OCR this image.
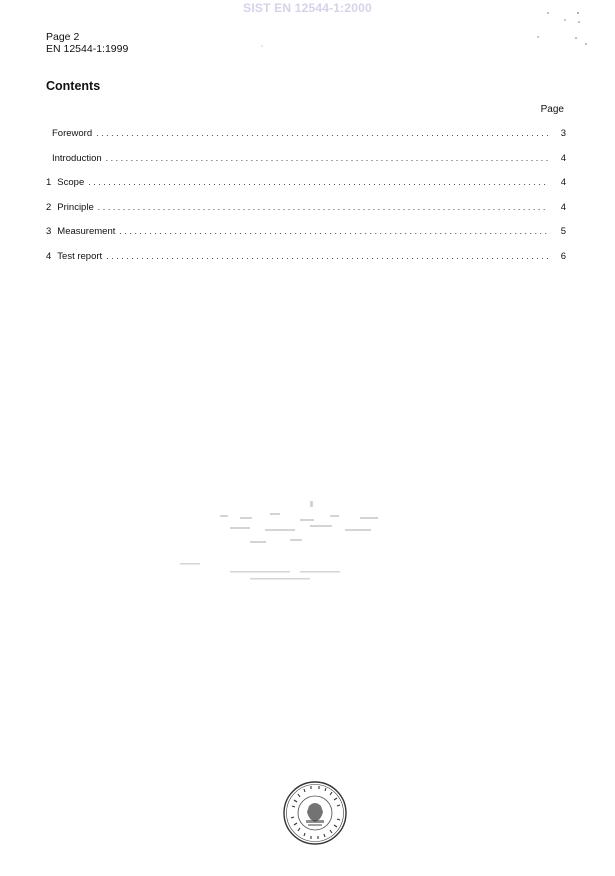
SIST EN 12544-1:2000
Page 2
EN 12544-1:1999
Contents
Page
Foreword . . .	3
Introduction . . .	4
1 Scope . . .	4
2 Principle . . .	4
3 Measurement . . .	5
4 Test report . . .	6
